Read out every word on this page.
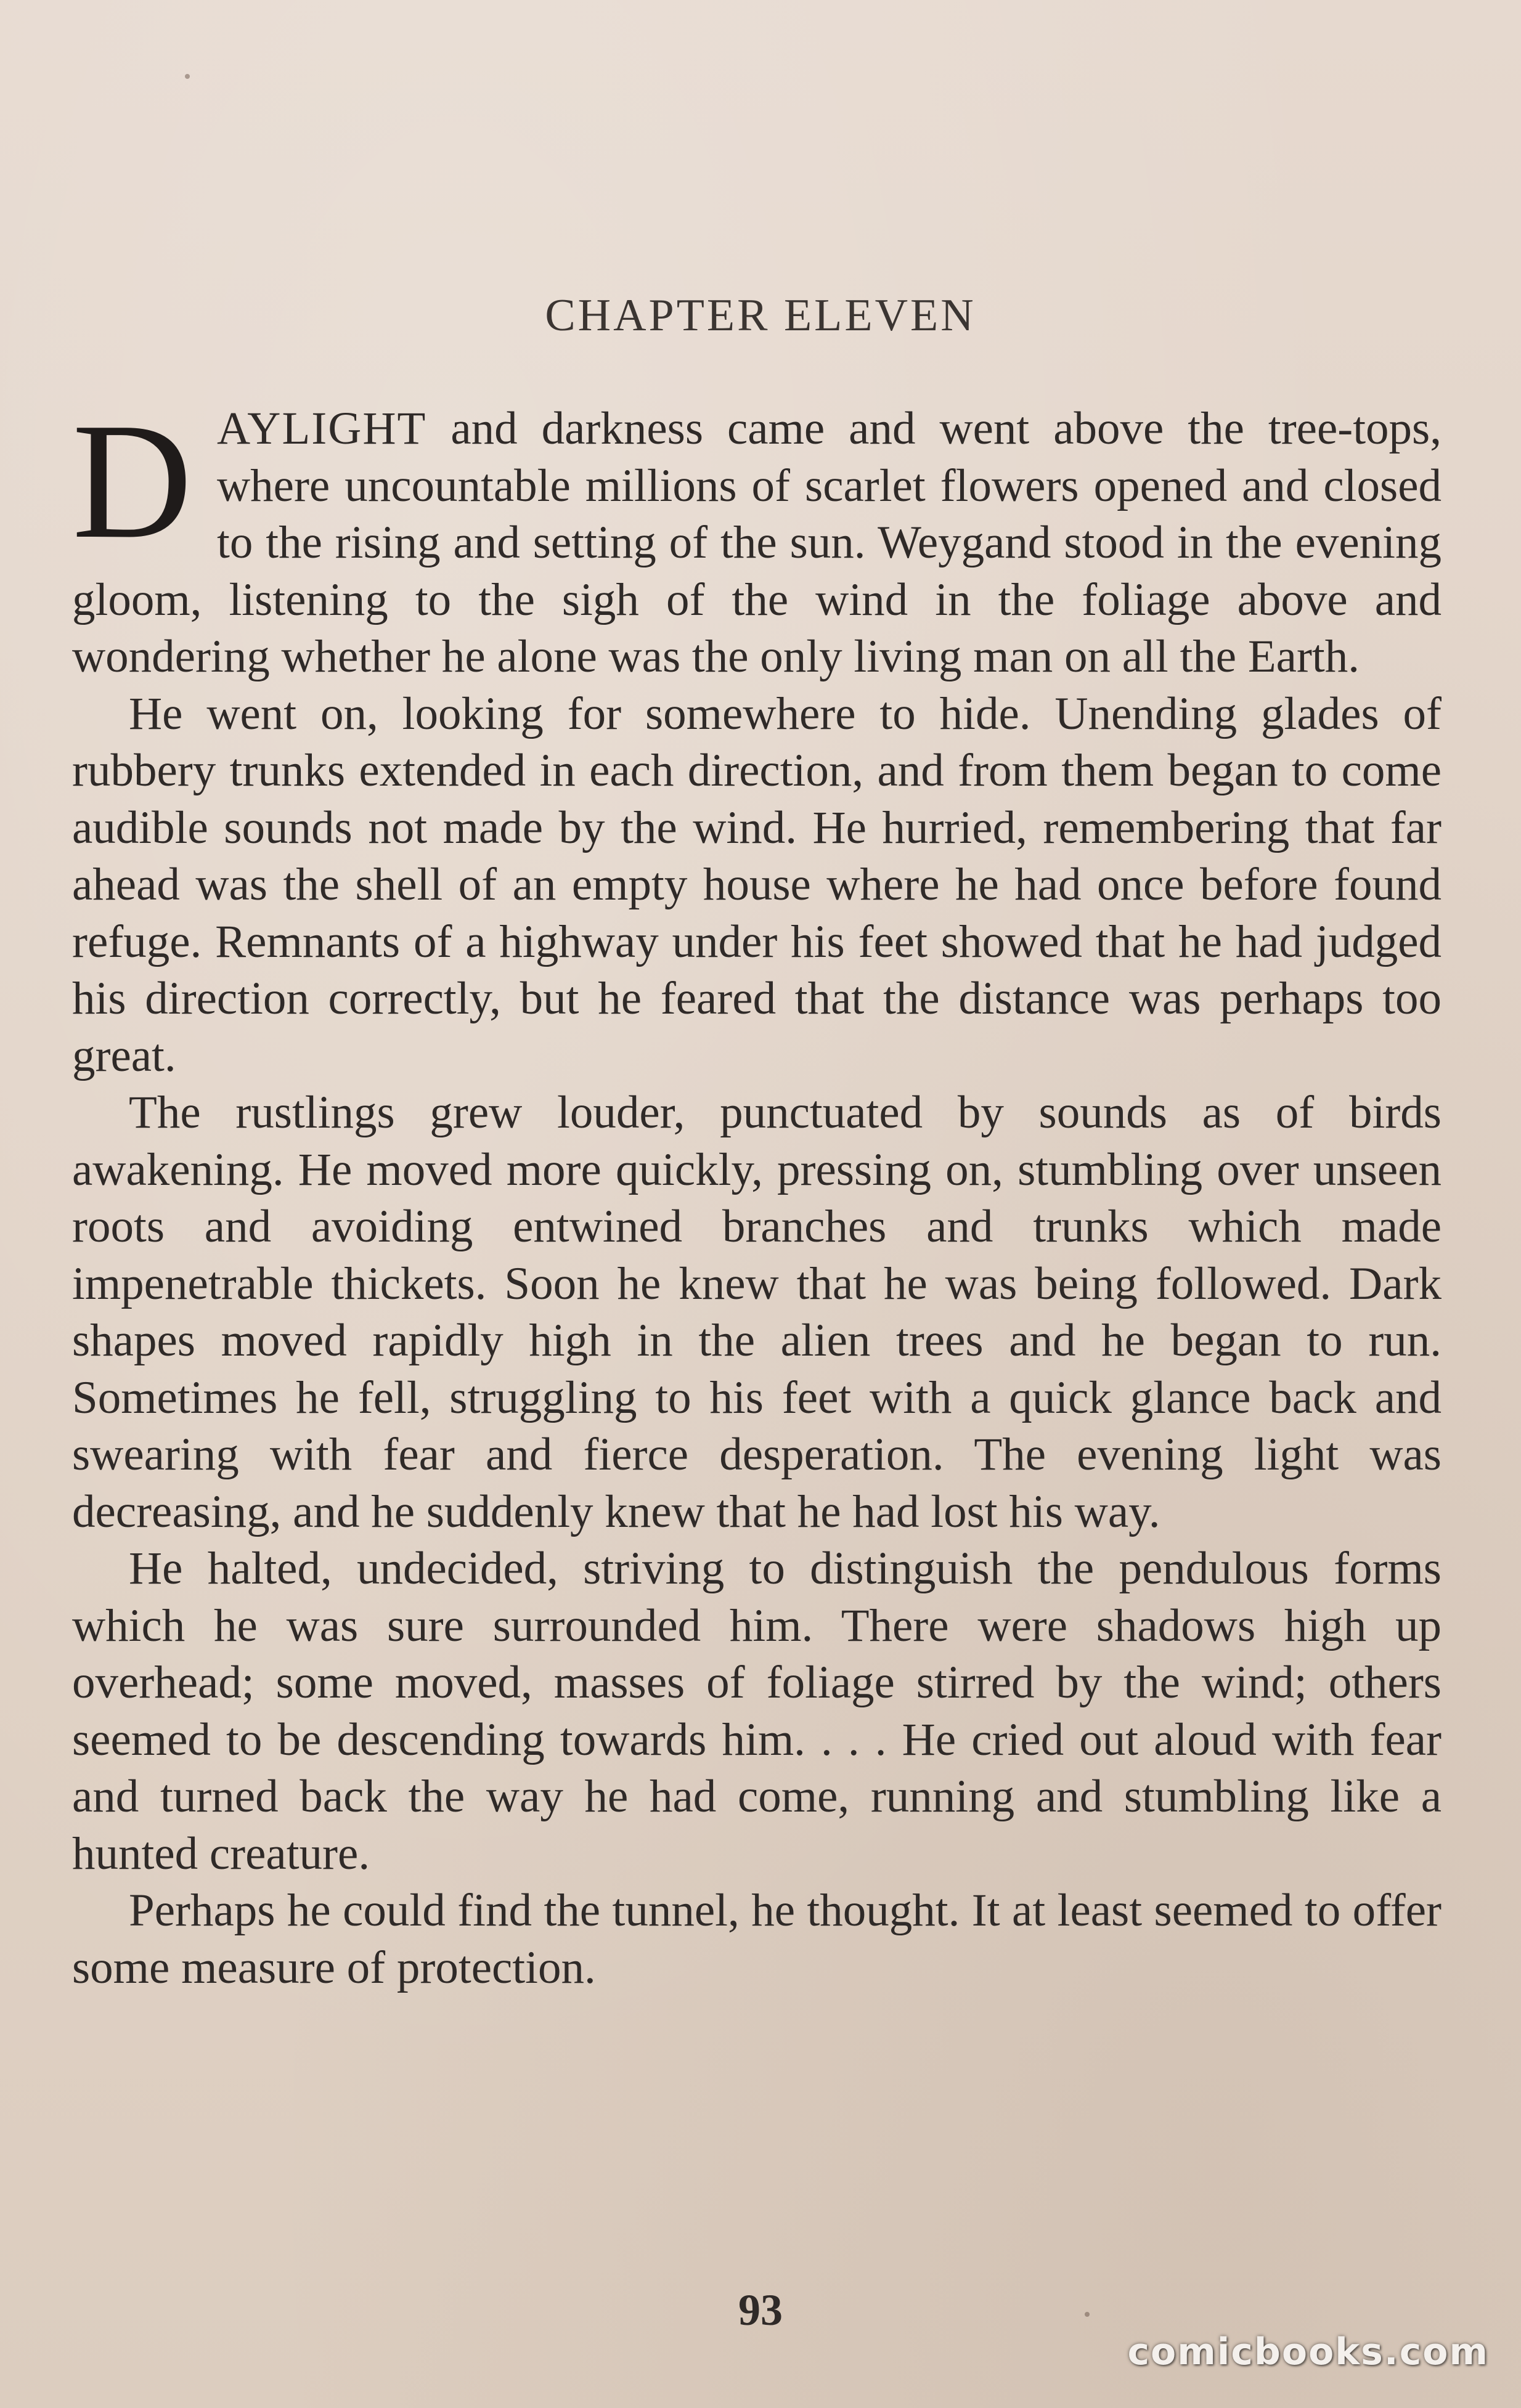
CHAPTER ELEVEN

DAYLIGHT and darkness came and went above the tree-tops, where uncountable millions of scarlet flowers opened and closed to the rising and setting of the sun. Weygand stood in the evening gloom, listening to the sigh of the wind in the foliage above and wondering whether he alone was the only living man on all the Earth.

He went on, looking for somewhere to hide. Unending glades of rubbery trunks extended in each direction, and from them began to come audible sounds not made by the wind. He hurried, remembering that far ahead was the shell of an empty house where he had once before found refuge. Remnants of a highway under his feet showed that he had judged his direction correctly, but he feared that the distance was perhaps too great.

The rustlings grew louder, punctuated by sounds as of birds awakening. He moved more quickly, pressing on, stumbling over unseen roots and avoiding entwined branches and trunks which made impenetrable thickets. Soon he knew that he was being followed. Dark shapes moved rapidly high in the alien trees and he began to run. Sometimes he fell, struggling to his feet with a quick glance back and swearing with fear and fierce desperation. The evening light was decreasing, and he suddenly knew that he had lost his way.

He halted, undecided, striving to distinguish the pendulous forms which he was sure surrounded him. There were shadows high up overhead; some moved, masses of foliage stirred by the wind; others seemed to be descending towards him. . . . He cried out aloud with fear and turned back the way he had come, running and stumbling like a hunted creature.

Perhaps he could find the tunnel, he thought. It at least seemed to offer some measure of protection.

93
comicbooks.com
